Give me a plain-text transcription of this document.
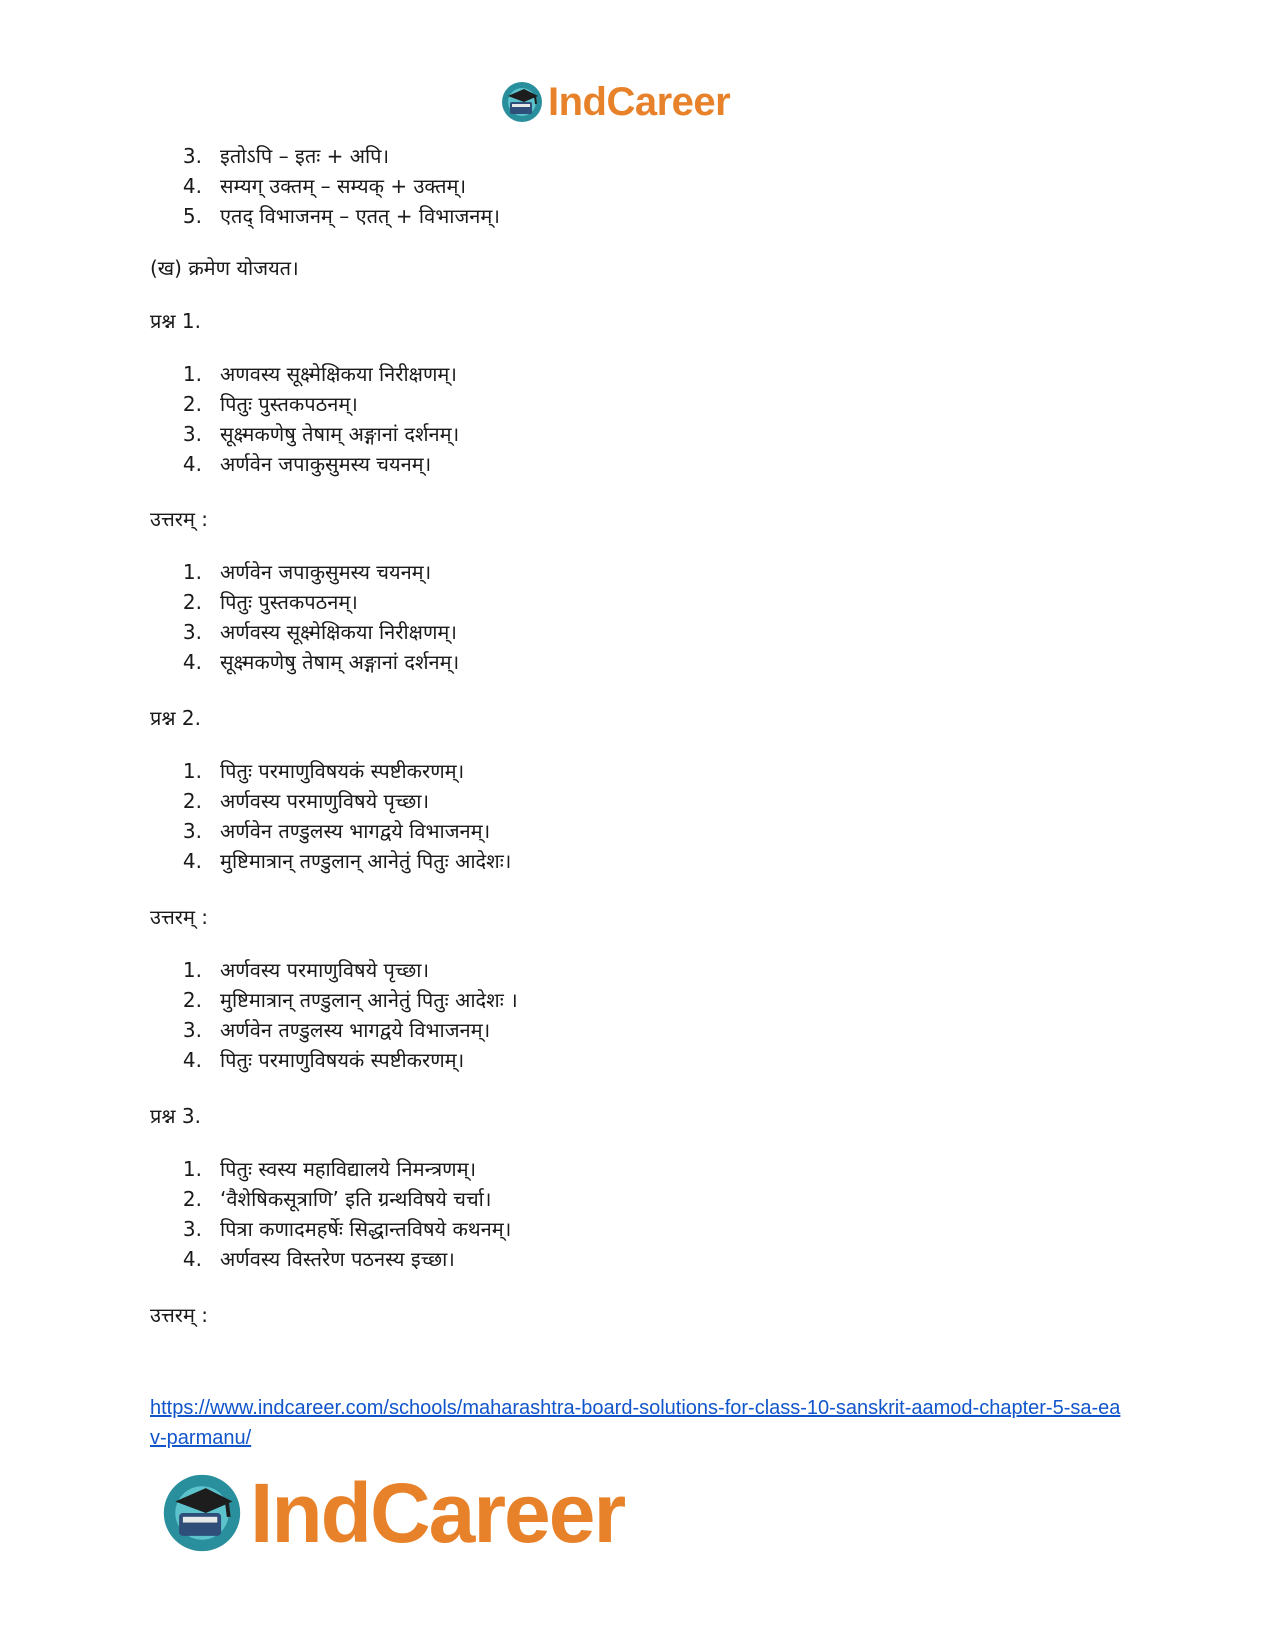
IndCareer
3. इतोऽपि – इतः + अपि।
4. सम्यग् उक्तम् – सम्यक् + उक्तम्।
5. एतद् विभाजनम् – एतत् + विभाजनम्।
(ख) क्रमेण योजयत।
प्रश्न 1.
1. अणवस्य सूक्ष्मेक्षिकया निरीक्षणम्।
2. पितुः पुस्तकपठनम्।
3. सूक्ष्मकणेषु तेषाम् अङ्गानां दर्शनम्।
4. अर्णवेन जपाकुसुमस्य चयनम्।
उत्तरम् :
1. अर्णवेन जपाकुसुमस्य चयनम्।
2. पितुः पुस्तकपठनम्।
3. अर्णवस्य सूक्ष्मेक्षिकया निरीक्षणम्।
4. सूक्ष्मकणेषु तेषाम् अङ्गानां दर्शनम्।
प्रश्न 2.
1. पितुः परमाणुविषयकं स्पष्टीकरणम्।
2. अर्णवस्य परमाणुविषये पृच्छा।
3. अर्णवेन तण्डुलस्य भागद्वये विभाजनम्।
4. मुष्टिमात्रान् तण्डुलान् आनेतुं पितुः आदेशः।
उत्तरम् :
1. अर्णवस्य परमाणुविषये पृच्छा।
2. मुष्टिमात्रान् तण्डुलान् आनेतुं पितुः आदेशः ।
3. अर्णवेन तण्डुलस्य भागद्वये विभाजनम्।
4. पितुः परमाणुविषयकं स्पष्टीकरणम्।
प्रश्न 3.
1. पितुः स्वस्य महाविद्यालये निमन्त्रणम्।
2. ‘वैशेषिकसूत्राणि’ इति ग्रन्थविषये चर्चा।
3. पित्रा कणादमहर्षेः सिद्धान्तविषये कथनम्।
4. अर्णवस्य विस्तरेण पठनस्य इच्छा।
उत्तरम् :
https://www.indcareer.com/schools/maharashtra-board-solutions-for-class-10-sanskrit-aamod-chapter-5-sa-eav-parmanu/
IndCareer
